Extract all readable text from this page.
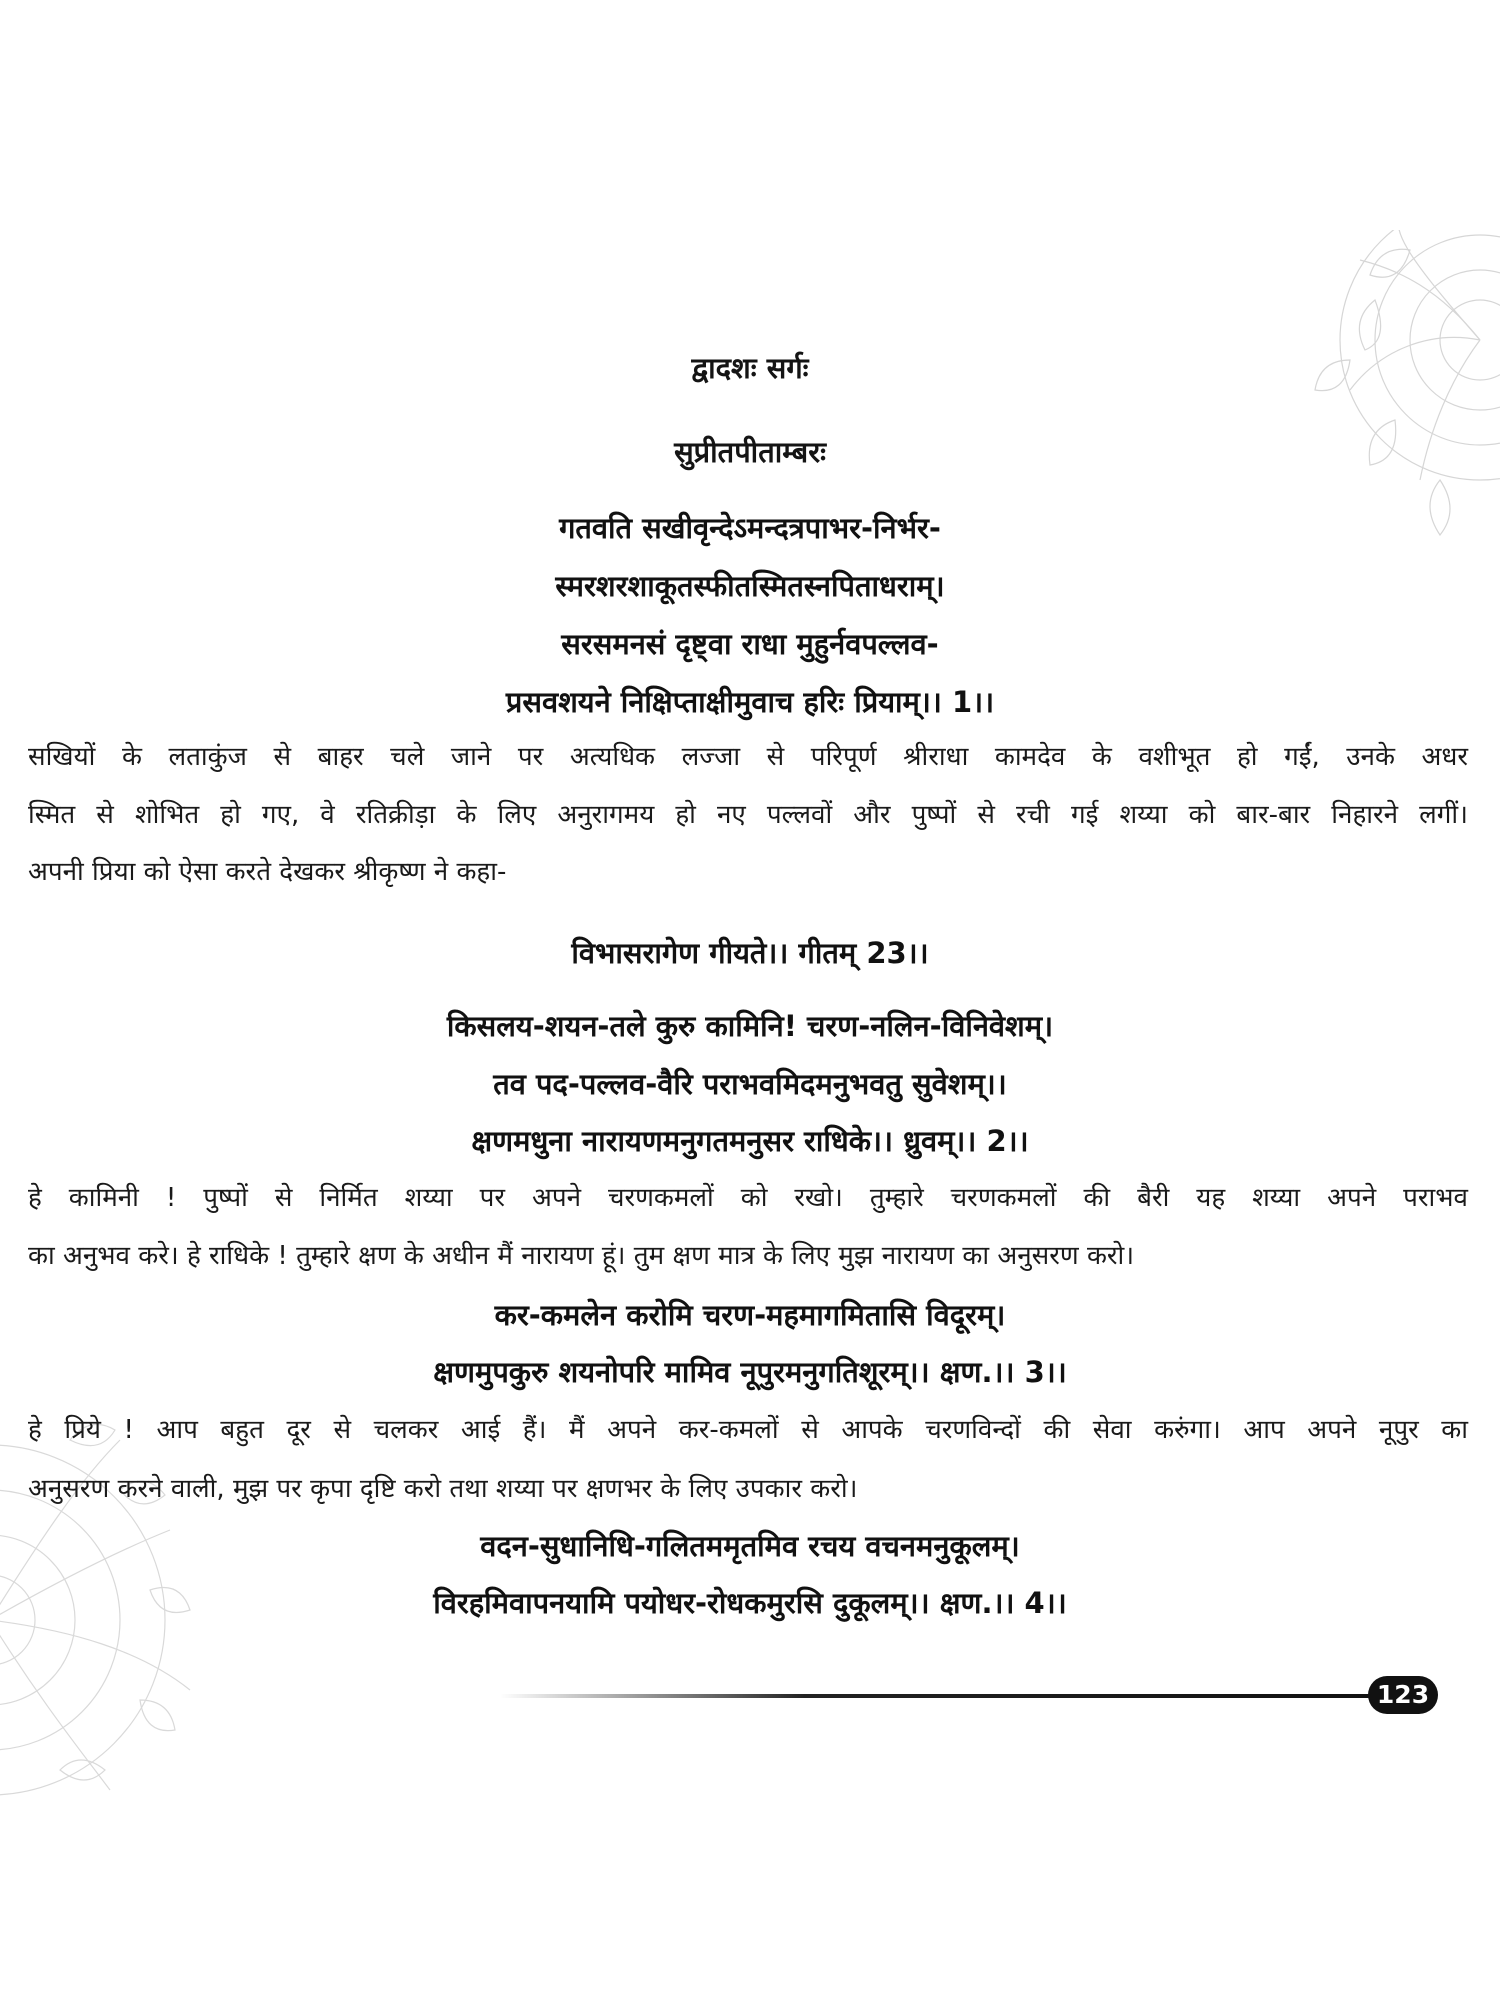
द्वादशः सर्गः
सुप्रीतपीताम्बरः
गतवति सखीवृन्देऽमन्दत्रपाभर-निर्भर-
स्मरशरशाकूतस्फीतस्मितस्नपिताधराम्।
सरसमनसं दृष्ट्वा राधा मुहुर्नवपल्लव-
प्रसवशयने निक्षिप्ताक्षीमुवाच हरिः प्रियाम्।। 1।।
सखियों के लताकुंज से बाहर चले जाने पर अत्यधिक लज्जा से परिपूर्ण श्रीराधा कामदेव के वशीभूत हो गईं, उनके अधर
स्मित से शोभित हो गए, वे रतिक्रीड़ा के लिए अनुरागमय हो नए पल्लवों और पुष्पों से रची गई शय्या को बार-बार निहारने लगीं।
अपनी प्रिया को ऐसा करते देखकर श्रीकृष्ण ने कहा-
विभासरागेण गीयते।। गीतम् 23।।
किसलय-शयन-तले कुरु कामिनि! चरण-नलिन-विनिवेशम्।
तव पद-पल्लव-वैरि पराभवमिदमनुभवतु सुवेशम्।।
क्षणमधुना नारायणमनुगतमनुसर राधिके।। ध्रुवम्।। 2।।
हे कामिनी ! पुष्पों से निर्मित शय्या पर अपने चरणकमलों को रखो। तुम्हारे चरणकमलों की बैरी यह शय्या अपने पराभव
का अनुभव करे। हे राधिके ! तुम्हारे क्षण के अधीन मैं नारायण हूं। तुम क्षण मात्र के लिए मुझ नारायण का अनुसरण करो।
कर-कमलेन करोमि चरण-महमागमितासि विदूरम्।
क्षणमुपकुरु शयनोपरि मामिव नूपुरमनुगतिशूरम्।। क्षण.।। 3।।
हे प्रिये ! आप बहुत दूर से चलकर आई हैं। मैं अपने कर-कमलों से आपके चरणविन्दों की सेवा करुंगा। आप अपने नूपुर का
अनुसरण करने वाली, मुझ पर कृपा दृष्टि करो तथा शय्या पर क्षणभर के लिए उपकार करो।
वदन-सुधानिधि-गलितममृतमिव रचय वचनमनुकूलम्।
विरहमिवापनयामि पयोधर-रोधकमुरसि दुकूलम्।। क्षण.।। 4।।
123
